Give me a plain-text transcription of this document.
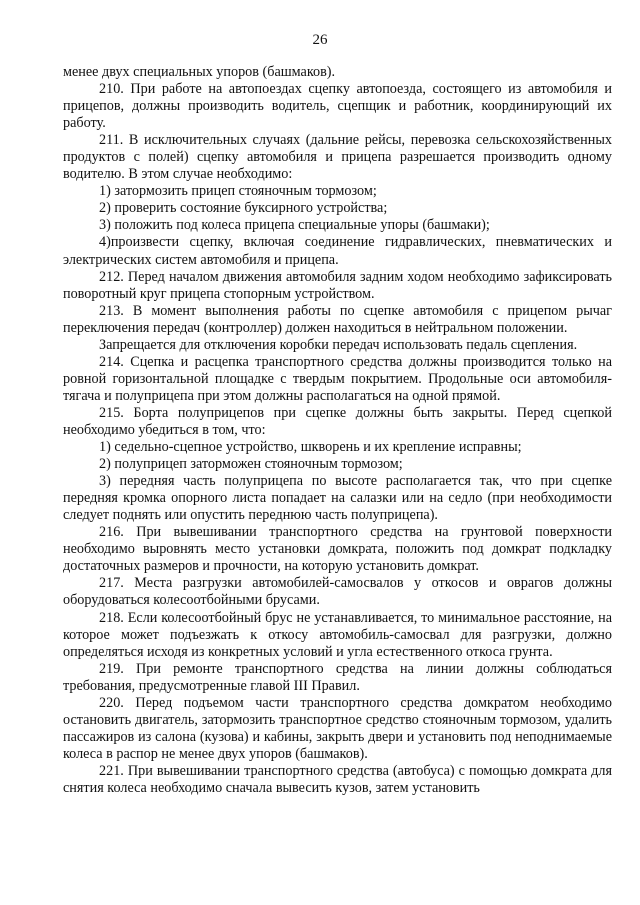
26

менее двух специальных упоров (башмаков).

210. При работе на автопоездах сцепку автопоезда, состоящего из автомобиля и прицепов, должны производить водитель, сцепщик и работник, координирующий их работу.

211. В исключительных случаях (дальние рейсы, перевозка сельскохозяйственных продуктов с полей) сцепку автомобиля и прицепа разрешается производить одному водителю. В этом случае необходимо:

1) затормозить прицеп стояночным тормозом;

2) проверить состояние буксирного устройства;

3) положить под колеса прицепа специальные упоры (башмаки);

4)произвести сцепку, включая соединение гидравлических, пневматических и электрических систем автомобиля и прицепа.

212. Перед началом движения автомобиля задним ходом необходимо зафиксировать поворотный круг прицепа стопорным устройством.

213. В момент выполнения работы по сцепке автомобиля с прицепом рычаг переключения передач (контроллер) должен находиться в нейтральном положении.

Запрещается для отключения коробки передач использовать педаль сцепления.

214. Сцепка и расцепка транспортного средства должны производится только на ровной горизонтальной площадке с твердым покрытием. Продольные оси автомобиля-тягача и полуприцепа при этом должны располагаться на одной прямой.

215. Борта полуприцепов при сцепке должны быть закрыты. Перед сцепкой необходимо убедиться в том, что:

1) седельно-сцепное устройство, шкворень и их крепление исправны;

2) полуприцеп заторможен стояночным тормозом;

3) передняя часть полуприцепа по высоте располагается так, что при сцепке передняя кромка опорного листа попадает на салазки или на седло (при необходимости следует поднять или опустить переднюю часть полуприцепа).

216. При вывешивании транспортного средства на грунтовой поверхности необходимо выровнять место установки домкрата, положить под домкрат подкладку достаточных размеров и прочности, на которую установить домкрат.

217. Места разгрузки автомобилей-самосвалов у откосов и оврагов должны оборудоваться колесоотбойными брусами.

218. Если колесоотбойный брус не устанавливается, то минимальное расстояние, на которое может подъезжать к откосу автомобиль-самосвал для разгрузки, должно определяться исходя из конкретных условий и угла естественного откоса грунта.

219. При ремонте транспортного средства на линии должны соблюдаться требования, предусмотренные главой III Правил.

220. Перед подъемом части транспортного средства домкратом необходимо остановить двигатель, затормозить транспортное средство стояночным тормозом, удалить пассажиров из салона (кузова) и кабины, закрыть двери и установить под неподнимаемые колеса в распор не менее двух упоров (башмаков).

221. При вывешивании транспортного средства (автобуса) с помощью домкрата для снятия колеса необходимо сначала вывесить кузов, затем установить
